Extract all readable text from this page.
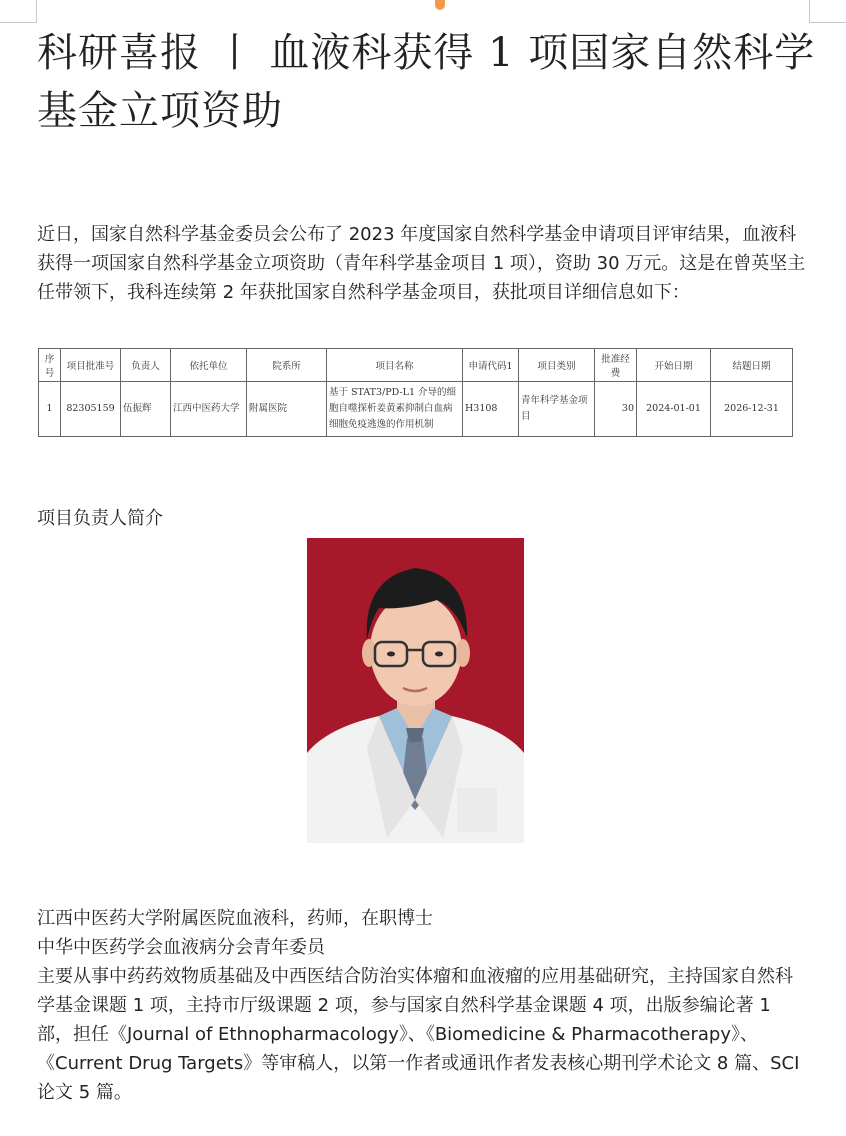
科研喜报 丨 血液科获得 1 项国家自然科学基金立项资助

近日，国家自然科学基金委员会公布了 2023 年度国家自然科学基金申请项目评审结果，血液科获得一项国家自然科学基金立项资助（青年科学基金项目 1 项），资助 30 万元。这是在曾英坚主任带领下，我科连续第 2 年获批国家自然科学基金项目，获批项目详细信息如下：

序号	项目批准号	负责人	依托单位	院系所	项目名称	申请代码1	项目类别	批准经费	开始日期	结题日期
1	82305159	伍振辉	江西中医药大学	附属医院	基于 STAT3/PD-L1 介导的细胞自噬探析姜黄素抑制白血病细胞免疫逃逸的作用机制	H3108	青年科学基金项目	30	2024-01-01	2026-12-31
项目负责人简介
江西中医药大学附属医院血液科，药师，在职博士
中华中医药学会血液病分会青年委员
主要从事中药药效物质基础及中西医结合防治实体瘤和血液瘤的应用基础研究，主持国家自然科学基金课题 1 项，主持市厅级课题 2 项，参与国家自然科学基金课题 4 项，出版参编论著 1 部，担任《Journal of Ethnopharmacology》、《Biomedicine & Pharmacotherapy》、《Current Drug Targets》等审稿人，以第一作者或通讯作者发表核心期刊学术论文 8 篇、SCI 论文 5 篇。
